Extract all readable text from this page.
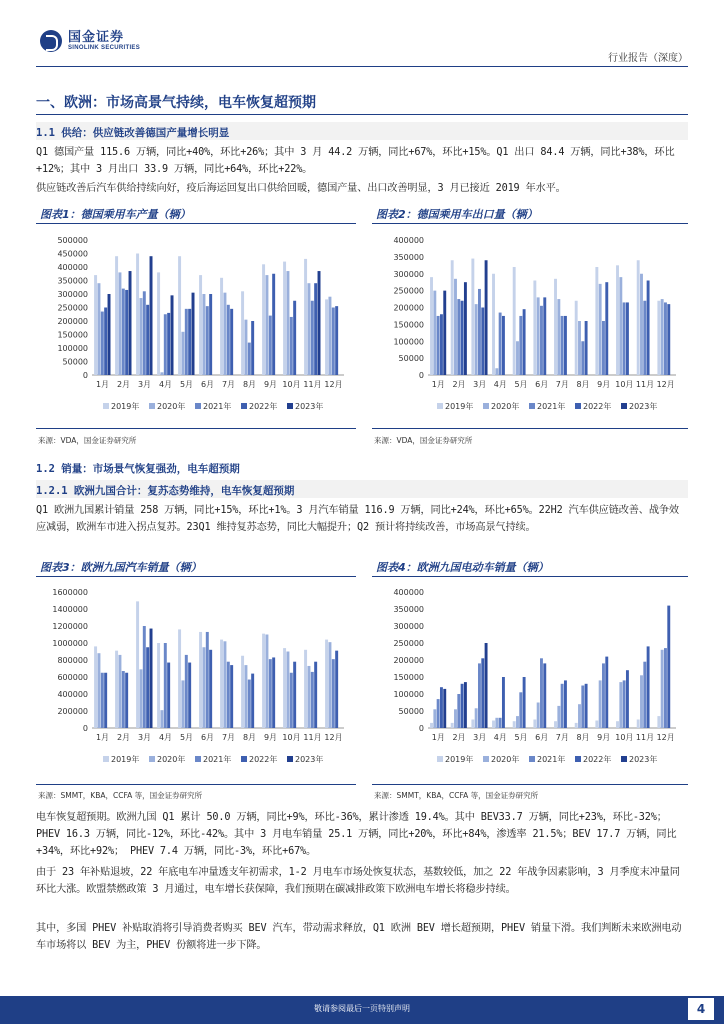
国金证券
SINOLINK SECURITIES
行业报告（深度）
一、欧洲：市场高景气持续，电车恢复超预期
1.1 供给：供应链改善德国产量增长明显
Q1 德国产量 115.6 万辆，同比+40%，环比+26%；其中 3 月 44.2 万辆，同比+67%，环比+15%。Q1 出口 84.4 万辆，同比+38%，环比+12%；其中 3 月出口 33.9 万辆，同比+64%，环比+22%。
供应链改善后汽车供给持续向好，疫后海运回复出口供给回暖，德国产量、出口改善明显，3 月已接近 2019 年水平。
图表1：德国乘用车产量（辆）	图表2：德国乘用车出口量（辆）
0
50000
100000
150000
200000
250000
300000
350000
400000
450000
500000
1月 2月 3月 4月 5月 6月 7月 8月 9月 10月 11月 12月
2019年 2020年 2021年 2022年 2023年
0
50000
100000
150000
200000
250000
300000
350000
400000
1月 2月 3月 4月 5月 6月 7月 8月 9月 10月 11月 12月
2019年 2020年 2021年 2022年 2023年
来源：VDA，国金证券研究所	来源：VDA，国金证券研究所
1.2 销量：市场景气恢复强劲，电车超预期
1.2.1 欧洲九国合计：复苏态势维持，电车恢复超预期
Q1 欧洲九国累计销量 258 万辆，同比+15%，环比+1%。3 月汽车销量 116.9 万辆，同比+24%，环比+65%。22H2 汽车供应链改善、战争效应减弱，欧洲车市进入拐点复苏。23Q1 维持复苏态势，同比大幅提升；Q2 预计将持续改善，市场高景气持续。
图表3：欧洲九国汽车销量（辆）	图表4：欧洲九国电动车销量（辆）
0
200000
400000
600000
800000
1000000
1200000
1400000
1600000
1月 2月 3月 4月 5月 6月 7月 8月 9月 10月 11月 12月
2019年 2020年 2021年 2022年 2023年
0
50000
100000
150000
200000
250000
300000
350000
400000
1月 2月 3月 4月 5月 6月 7月 8月 9月 10月 11月 12月
2019年 2020年 2021年 2022年 2023年
来源：SMMT，KBA，CCFA 等，国金证券研究所	来源：SMMT，KBA，CCFA 等，国金证券研究所
电车恢复超预期。欧洲九国 Q1 累计 50.0 万辆，同比+9%，环比-36%，累计渗透 19.4%。其中 BEV33.7 万辆，同比+23%，环比-32%；PHEV 16.3 万辆，同比-12%，环比-42%。其中 3 月电车销量 25.1 万辆，同比+20%，环比+84%，渗透率 21.5%；BEV 17.7 万辆，同比+34%，环比+92%； PHEV 7.4 万辆，同比-3%，环比+67%。
由于 23 年补贴退坡，22 年底电车冲量透支年初需求，1-2 月电车市场处恢复状态，基数较低，加之 22 年战争因素影响，3 月季度末冲量同环比大涨。欧盟禁燃政策 3 月通过，电车增长获保障，我们预期在碳减排政策下欧洲电车增长将稳步持续。
其中，多国 PHEV 补贴取消将引导消费者购买 BEV 汽车，带动需求释放，Q1 欧洲 BEV 增长超预期，PHEV 销量下滑。我们判断未来欧洲电动车市场将以 BEV 为主，PHEV 份额将进一步下降。
敬请参阅最后一页特别声明	4
